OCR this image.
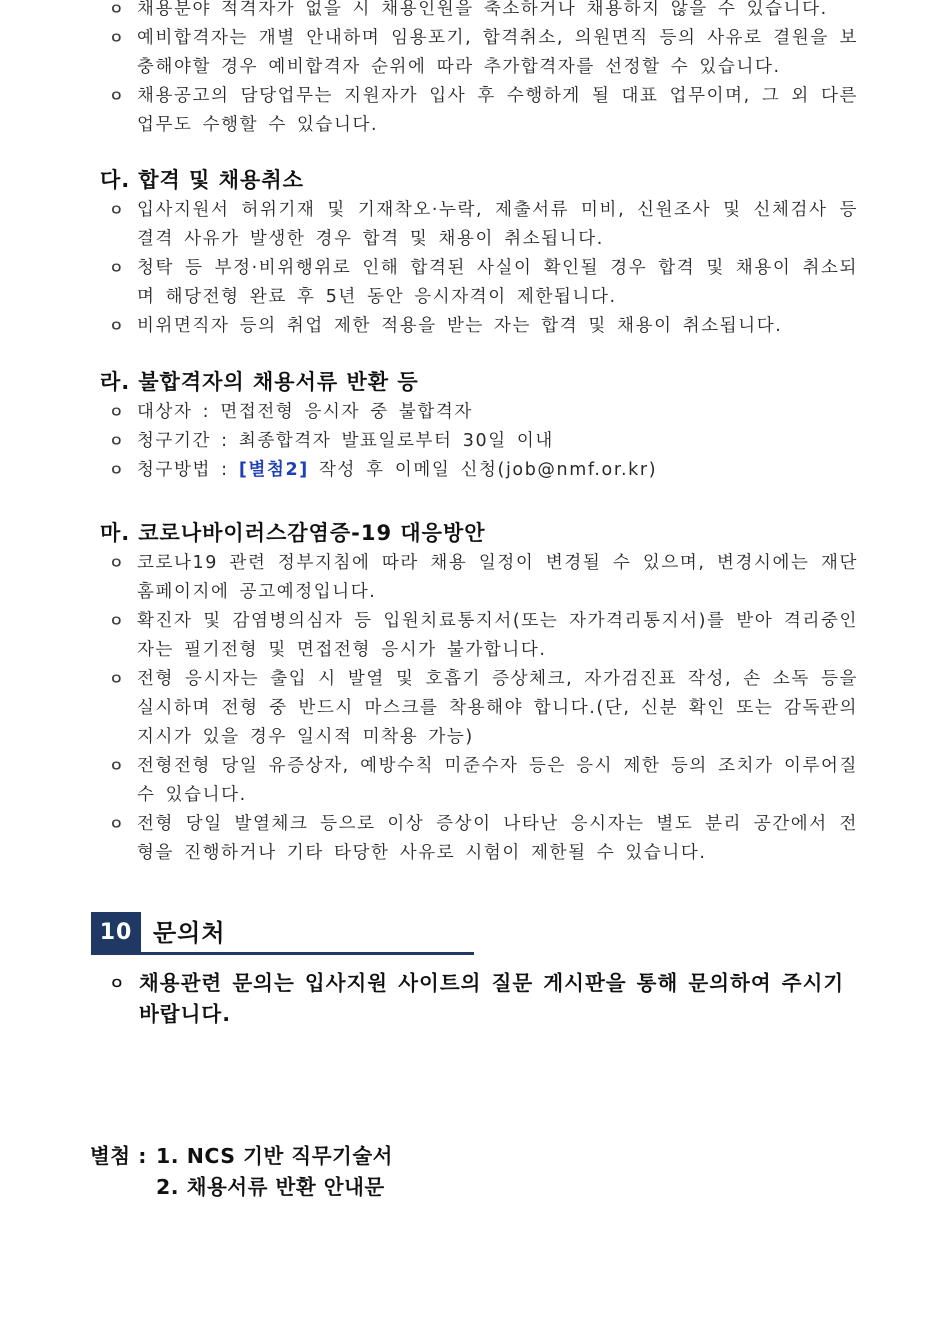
ㅇ 채용분야 적격자가 없을 시 채용인원을 축소하거나 채용하지 않을 수 있습니다.
ㅇ 예비합격자는 개별 안내하며 임용포기, 합격취소, 의원면직 등의 사유로 결원을 보충해야할 경우 예비합격자 순위에 따라 추가합격자를 선정할 수 있습니다.
ㅇ 채용공고의 담당업무는 지원자가 입사 후 수행하게 될 대표 업무이며, 그 외 다른 업무도 수행할 수 있습니다.
다. 합격 및 채용취소
ㅇ 입사지원서 허위기재 및 기재착오·누락, 제출서류 미비, 신원조사 및 신체검사 등 결격 사유가 발생한 경우 합격 및 채용이 취소됩니다.
ㅇ 청탁 등 부정·비위행위로 인해 합격된 사실이 확인될 경우 합격 및 채용이 취소되며 해당전형 완료 후 5년 동안 응시자격이 제한됩니다.
ㅇ 비위면직자 등의 취업 제한 적용을 받는 자는 합격 및 채용이 취소됩니다.
라. 불합격자의 채용서류 반환 등
ㅇ 대상자 : 면접전형 응시자 중 불합격자
ㅇ 청구기간 : 최종합격자 발표일로부터 30일 이내
ㅇ 청구방법 : [별첨2] 작성 후 이메일 신청(job@nmf.or.kr)
마. 코로나바이러스감염증-19 대응방안
ㅇ 코로나19 관련 정부지침에 따라 채용 일정이 변경될 수 있으며, 변경시에는 재단 홈페이지에 공고예정입니다.
ㅇ 확진자 및 감염병의심자 등 입원치료통지서(또는 자가격리통지서)를 받아 격리중인 자는 필기전형 및 면접전형 응시가 불가합니다.
ㅇ 전형 응시자는 출입 시 발열 및 호흡기 증상체크, 자가검진표 작성, 손 소독 등을 실시하며 전형 중 반드시 마스크를 착용해야 합니다.(단, 신분 확인 또는 감독관의 지시가 있을 경우 일시적 미착용 가능)
ㅇ 전형전형 당일 유증상자, 예방수칙 미준수자 등은 응시 제한 등의 조치가 이루어질 수 있습니다.
ㅇ 전형 당일 발열체크 등으로 이상 증상이 나타난 응시자는 별도 분리 공간에서 전형을 진행하거나 기타 타당한 사유로 시험이 제한될 수 있습니다.
10 문의처
ㅇ 채용관련 문의는 입사지원 사이트의 질문 게시판을 통해 문의하여 주시기 바랍니다.
별첨 : 1. NCS 기반 직무기술서
2. 채용서류 반환 안내문
